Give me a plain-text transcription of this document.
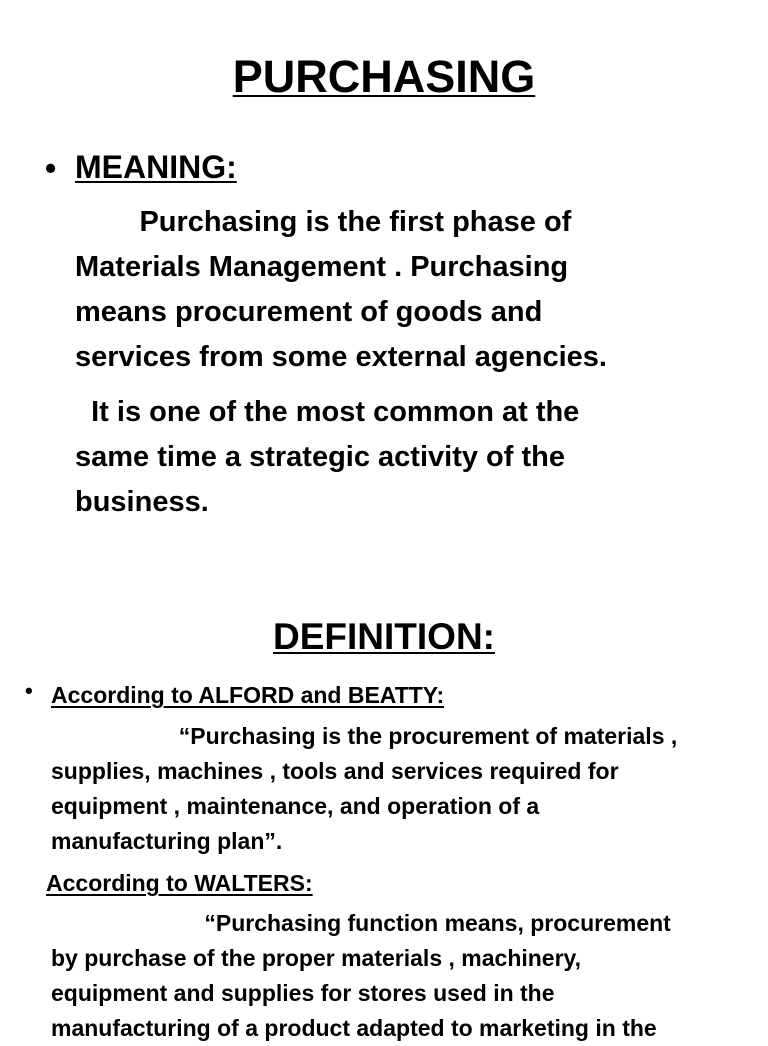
PURCHASING
• MEANING:
Purchasing is the first phase of
Materials Management . Purchasing
means procurement of goods and
services from some external agencies.
It is one of the most common at the
same time a strategic activity of the
business.
DEFINITION:
• According to ALFORD and BEATTY:
“Purchasing is the procurement of materials ,
supplies, machines , tools and services required for
equipment , maintenance, and operation of a
manufacturing plan”.
According to WALTERS:
“Purchasing function means, procurement
by purchase of the proper materials , machinery,
equipment and supplies for stores used in the
manufacturing of a product adapted to marketing in the
